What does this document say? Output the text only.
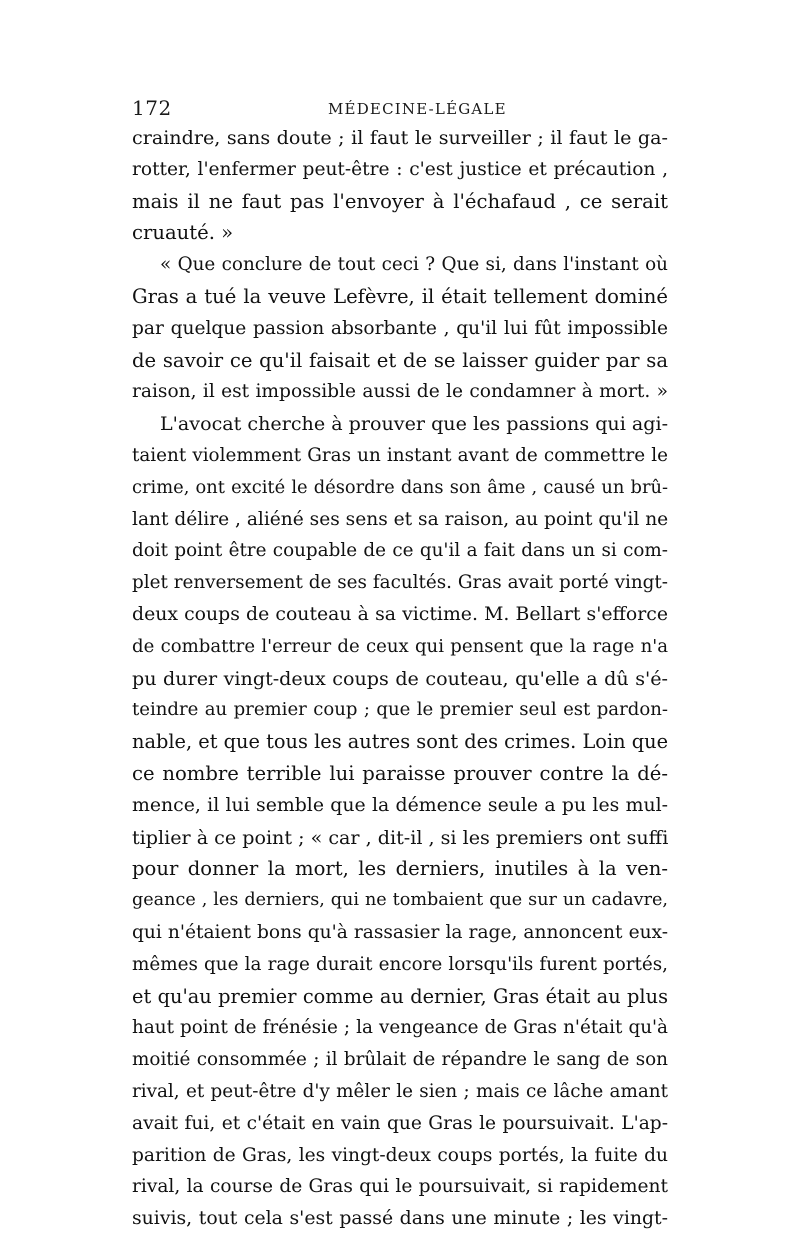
172	MÉDECINE-LÉGALE
craindre, sans doute ; il faut le surveiller ; il faut le ga-
rotter, l'enfermer peut-être : c'est justice et précaution ,
mais il ne faut pas l'envoyer à l'échafaud , ce serait
cruauté. »
« Que conclure de tout ceci ? Que si, dans l'instant où
Gras a tué la veuve Lefèvre, il était tellement dominé
par quelque passion absorbante , qu'il lui fût impossible
de savoir ce qu'il faisait et de se laisser guider par sa
raison, il est impossible aussi de le condamner à mort. »
L'avocat cherche à prouver que les passions qui agi-
taient violemment Gras un instant avant de commettre le
crime, ont excité le désordre dans son âme , causé un brû-
lant délire , aliéné ses sens et sa raison, au point qu'il ne
doit point être coupable de ce qu'il a fait dans un si com-
plet renversement de ses facultés. Gras avait porté vingt-
deux coups de couteau à sa victime. M. Bellart s'efforce
de combattre l'erreur de ceux qui pensent que la rage n'a
pu durer vingt-deux coups de couteau, qu'elle a dû s'é-
teindre au premier coup ; que le premier seul est pardon-
nable, et que tous les autres sont des crimes. Loin que
ce nombre terrible lui paraisse prouver contre la dé-
mence, il lui semble que la démence seule a pu les mul-
tiplier à ce point ; « car , dit-il , si les premiers ont suffi
pour donner la mort, les derniers, inutiles à la ven-
geance , les derniers, qui ne tombaient que sur un cadavre,
qui n'étaient bons qu'à rassasier la rage, annoncent eux-
mêmes que la rage durait encore lorsqu'ils furent portés,
et qu'au premier comme au dernier, Gras était au plus
haut point de frénésie ; la vengeance de Gras n'était qu'à
moitié consommée ; il brûlait de répandre le sang de son
rival, et peut-être d'y mêler le sien ; mais ce lâche amant
avait fui, et c'était en vain que Gras le poursuivait. L'ap-
parition de Gras, les vingt-deux coups portés, la fuite du
rival, la course de Gras qui le poursuivait, si rapidement
suivis, tout cela s'est passé dans une minute ; les vingt-
